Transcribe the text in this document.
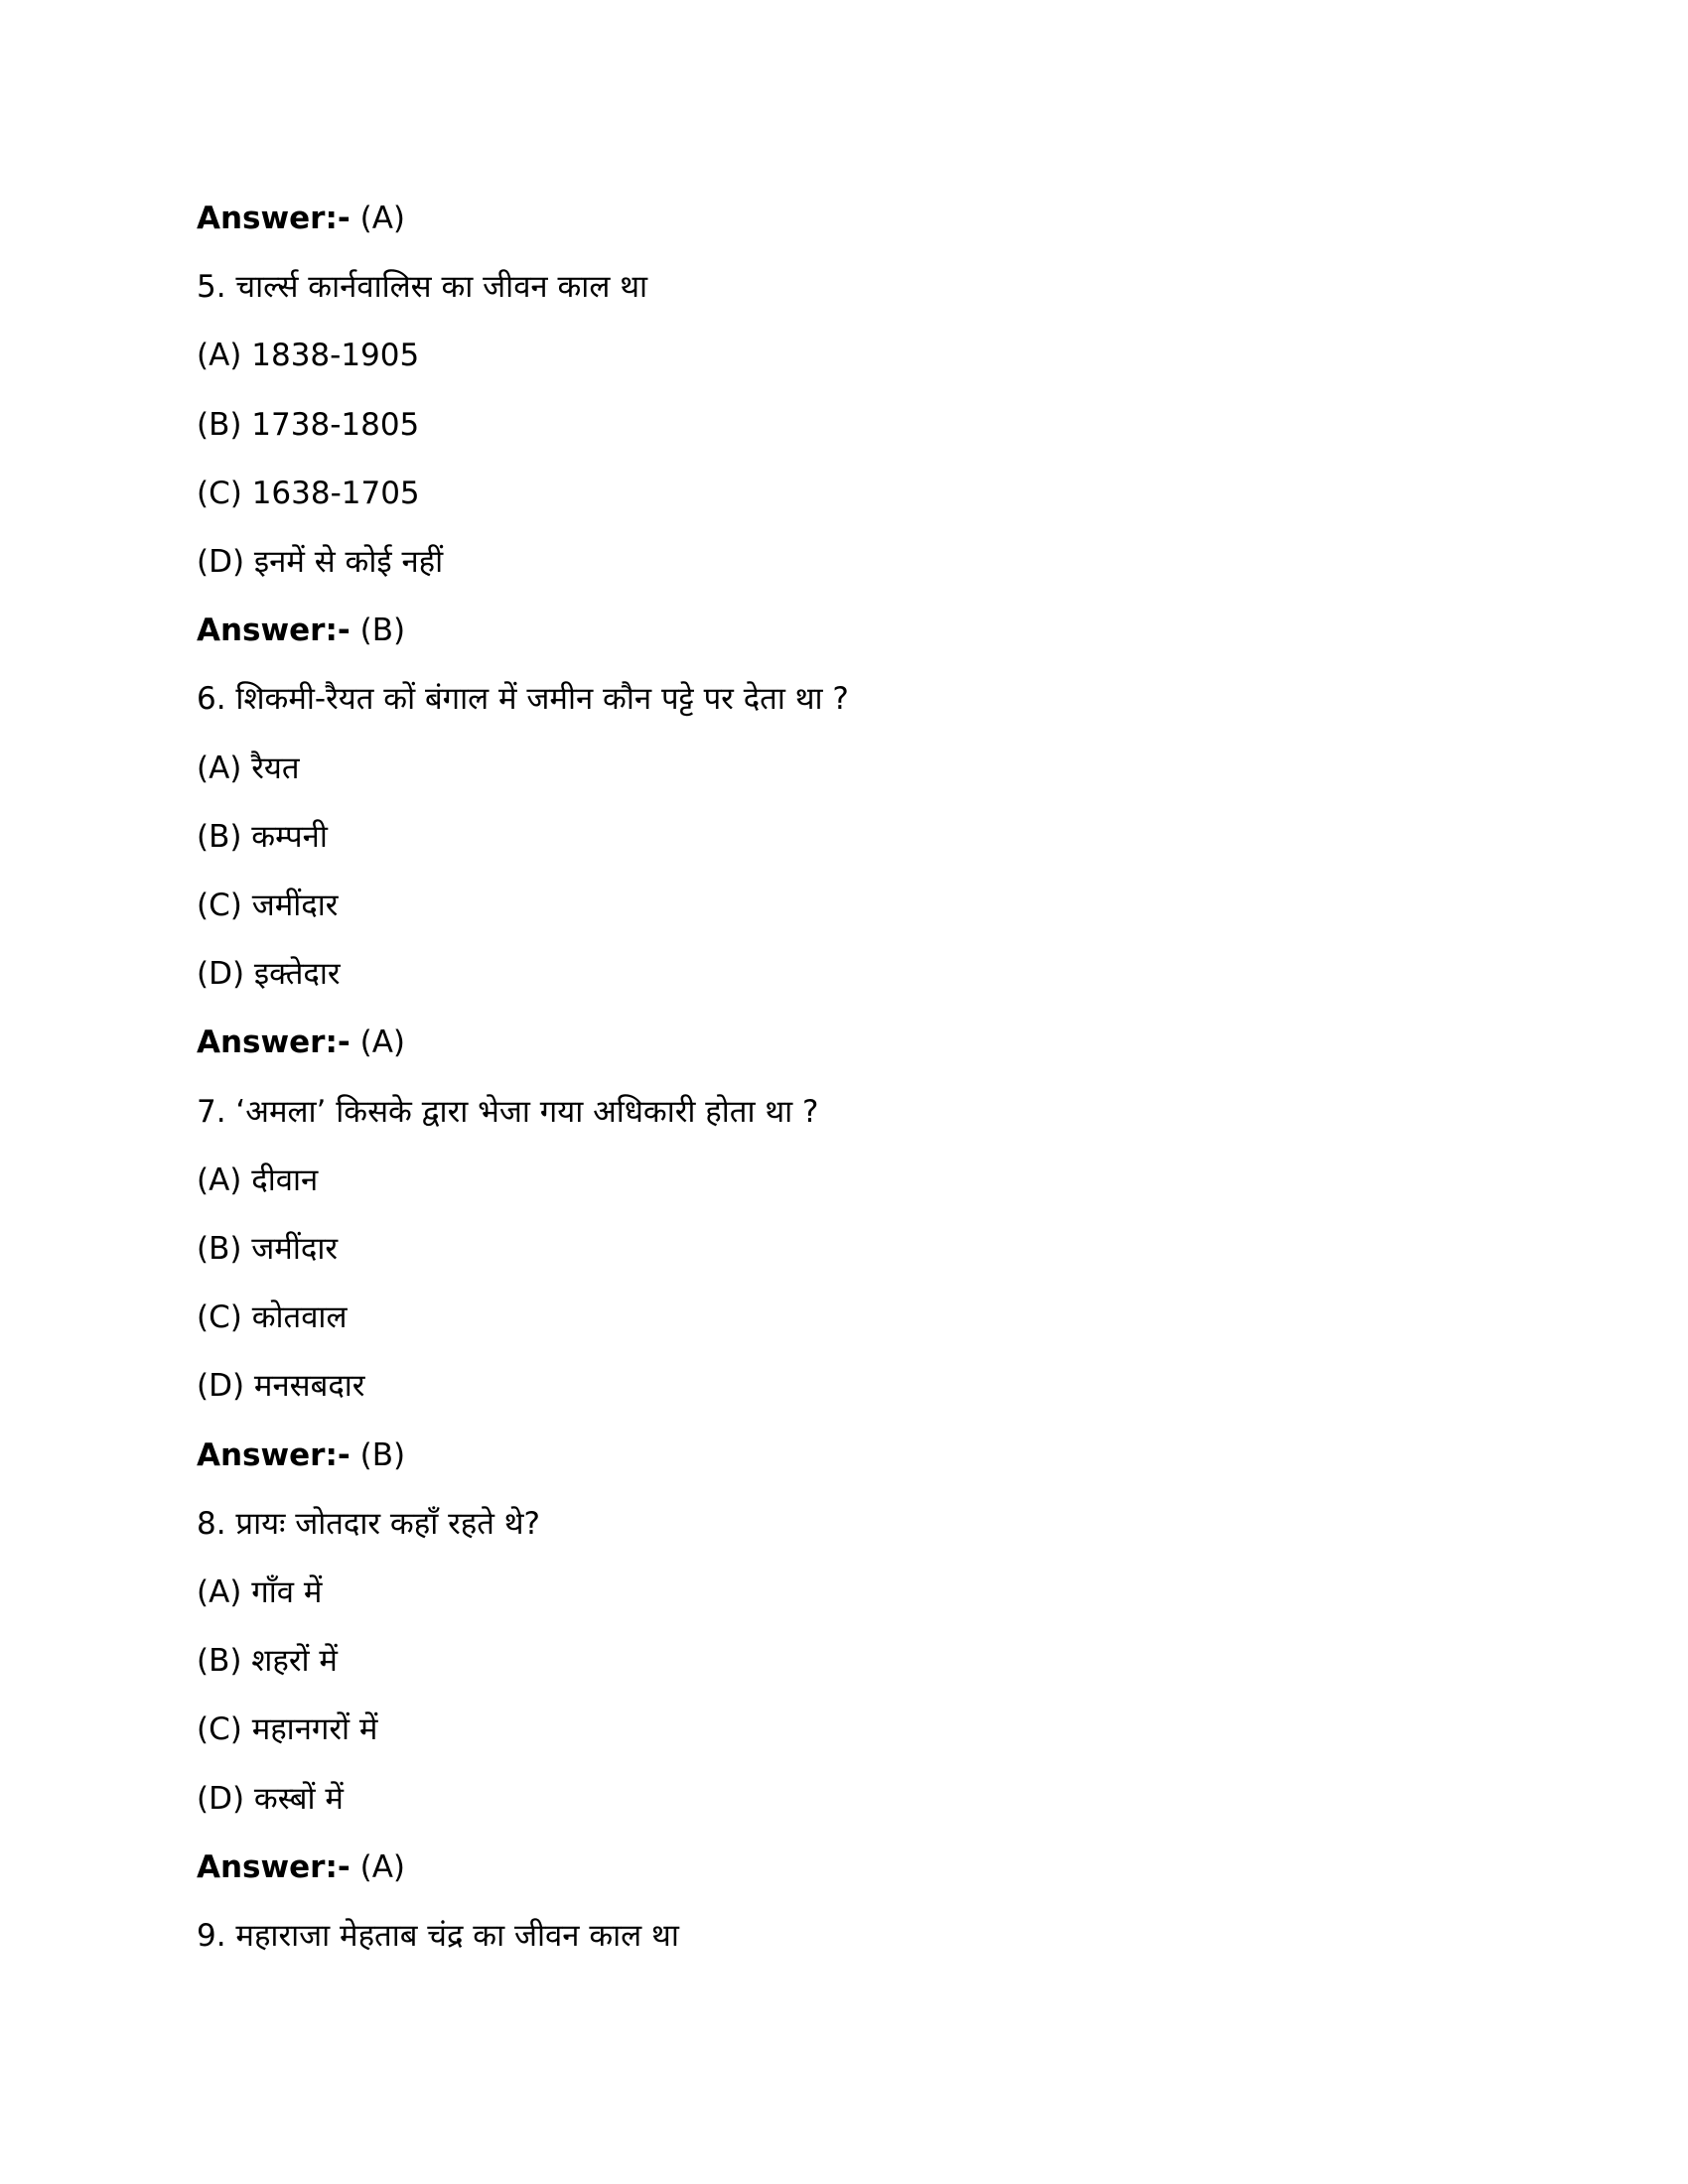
Answer:- (A)
5. चार्ल्स कार्नवालिस का जीवन काल था
(A) 1838-1905
(B) 1738-1805
(C) 1638-1705
(D) इनमें से कोई नहीं
Answer:- (B)
6. शिकमी-रैयत कों बंगाल में जमीन कौन पट्टे पर देता था ?
(A) रैयत
(B) कम्पनी
(C) जमींदार
(D) इक्तेदार
Answer:- (A)
7. ‘अमला’ किसके द्वारा भेजा गया अधिकारी होता था ?
(A) दीवान
(B) जमींदार
(C) कोतवाल
(D) मनसबदार
Answer:- (B)
8. प्रायः जोतदार कहाँ रहते थे?
(A) गाँव में
(B) शहरों में
(C) महानगरों में
(D) कस्बों में
Answer:- (A)
9. महाराजा मेहताब चंद्र का जीवन काल था
